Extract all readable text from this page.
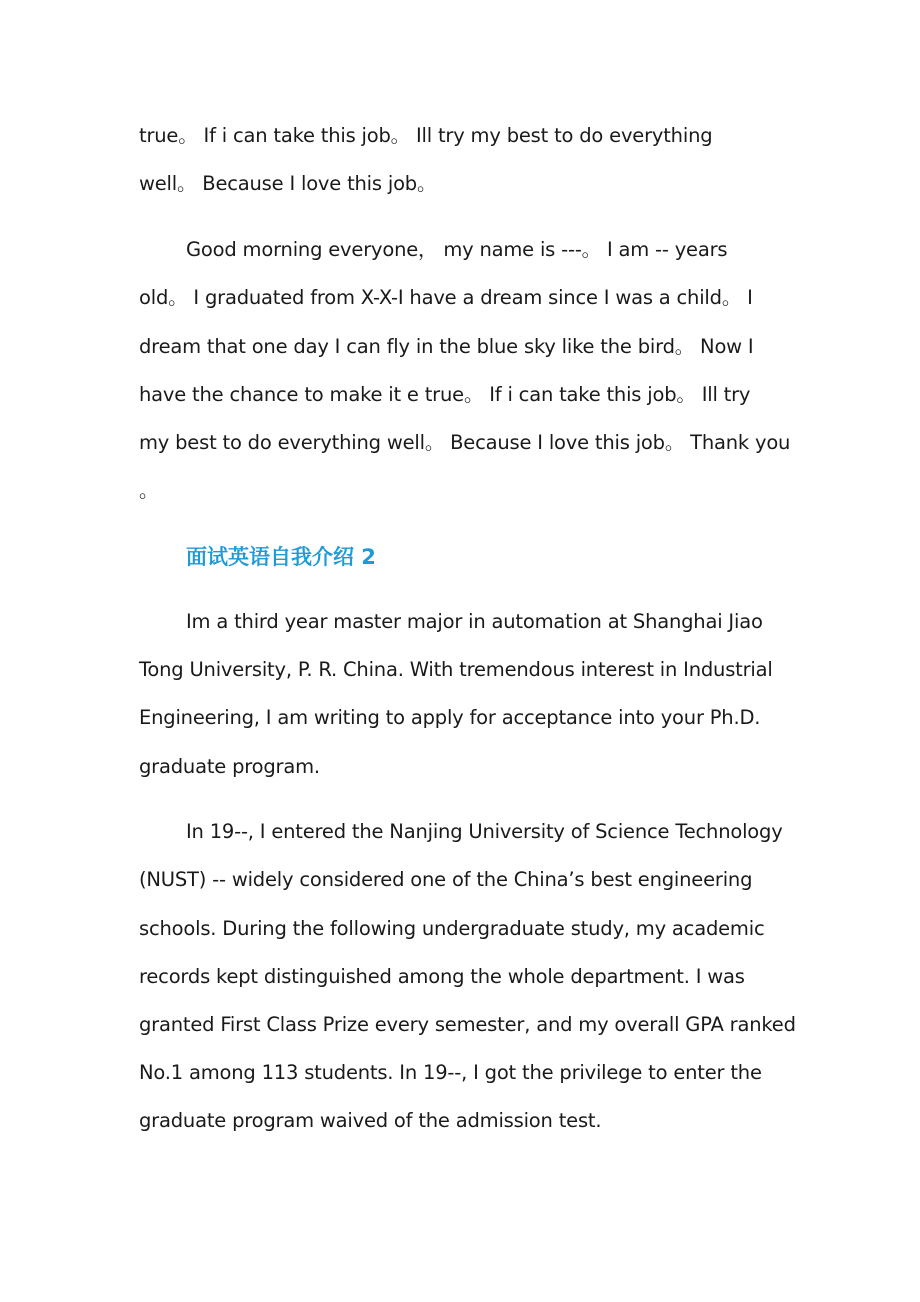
true。 If i can take this job。 Ill try my best to do everything
well。 Because I love this job。
Good morning everyone， my name is ---。 I am -- years
old。 I graduated from X-X-I have a dream since I was a child。 I
dream that one day I can fly in the blue sky like the bird。 Now I
have the chance to make it e true。 If i can take this job。 Ill try
my best to do everything well。 Because I love this job。 Thank you
。
面试英语自我介绍 2
Im a third year master major in automation at Shanghai Jiao
Tong University, P. R. China. With tremendous interest in Industrial
Engineering, I am writing to apply for acceptance into your Ph.D.
graduate program.
In 19--, I entered the Nanjing University of Science Technology
(NUST) -- widely considered one of the China’s best engineering
schools. During the following undergraduate study, my academic
records kept distinguished among the whole department. I was
granted First Class Prize every semester, and my overall GPA ranked
No.1 among 113 students. In 19--, I got the privilege to enter the
graduate program waived of the admission test.
